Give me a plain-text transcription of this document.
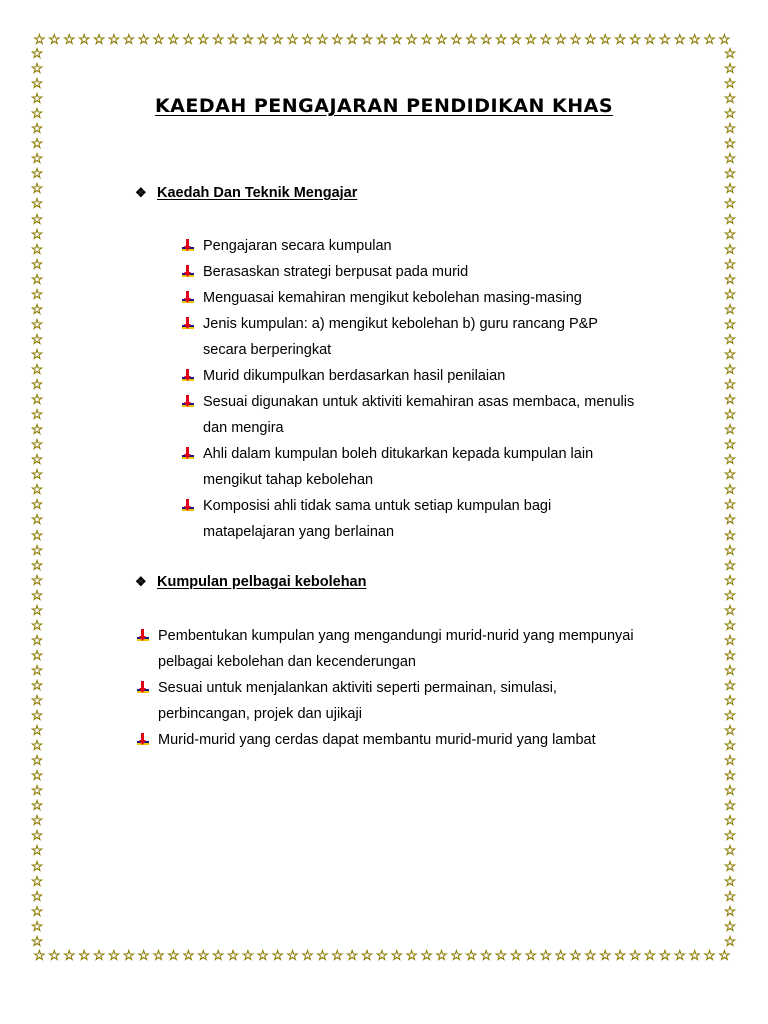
☆ ☆ ☆ ☆ ☆ ☆ ☆ ☆ ☆ ☆ ☆ ☆ ☆ ☆ ☆ ☆ ☆ ☆ ☆ ☆ ☆ ☆ ☆ ☆ ☆ ☆ ☆ ☆ ☆ ☆ ☆ ☆ ☆ ☆ ☆ ☆ ☆ ☆ ☆ ☆ ☆ ☆ ☆ ☆ ☆ ☆ ☆
☆ ☆ ☆ ☆ ☆ ☆ ☆ ☆ ☆ ☆ ☆ ☆ ☆ ☆ ☆ ☆ ☆ ☆ ☆ ☆ ☆ ☆ ☆ ☆ ☆ ☆ ☆ ☆ ☆ ☆ ☆ ☆ ☆ ☆ ☆ ☆ ☆ ☆ ☆ ☆ ☆ ☆ ☆ ☆ ☆ ☆ ☆
☆
☆
☆
☆
☆
☆
☆
☆
☆
☆
☆
☆
☆
☆
☆
☆
☆
☆
☆
☆
☆
☆
☆
☆
☆
☆
☆
☆
☆
☆
☆
☆
☆
☆
☆
☆
☆
☆
☆
☆
☆
☆
☆
☆
☆
☆
☆
☆
☆
☆
☆
☆
☆
☆
☆
☆
☆
☆
☆
☆
☆
☆
☆
☆
☆
☆
☆
☆
☆
☆
☆
☆
☆
☆
☆
☆
☆
☆
☆
☆
☆
☆
☆
☆
☆
☆
☆
☆
☆
☆
☆
☆
☆
☆
☆
☆
☆
☆
☆
☆
☆
☆
☆
☆
☆
☆
☆
☆
☆
☆
☆
☆
☆
☆
☆
☆
☆
☆
☆
☆
KAEDAH PENGAJARAN PENDIDIKAN KHAS
❖ Kaedah Dan Teknik Mengajar
Pengajaran secara kumpulan
Berasaskan strategi berpusat pada murid
Menguasai kemahiran mengikut kebolehan masing-masing
Jenis kumpulan: a) mengikut kebolehan b) guru rancang P&P
secara berperingkat
Murid dikumpulkan berdasarkan hasil penilaian
Sesuai digunakan untuk aktiviti kemahiran asas membaca, menulis
dan mengira
Ahli dalam kumpulan boleh ditukarkan kepada kumpulan lain
mengikut tahap kebolehan
Komposisi ahli tidak sama untuk setiap kumpulan bagi
matapelajaran yang berlainan
❖ Kumpulan pelbagai kebolehan
Pembentukan kumpulan yang mengandungi murid-nurid yang mempunyai
pelbagai kebolehan dan kecenderungan
Sesuai untuk menjalankan aktiviti seperti permainan, simulasi,
perbincangan, projek dan ujikaji
Murid-murid yang cerdas dapat membantu murid-murid yang lambat
